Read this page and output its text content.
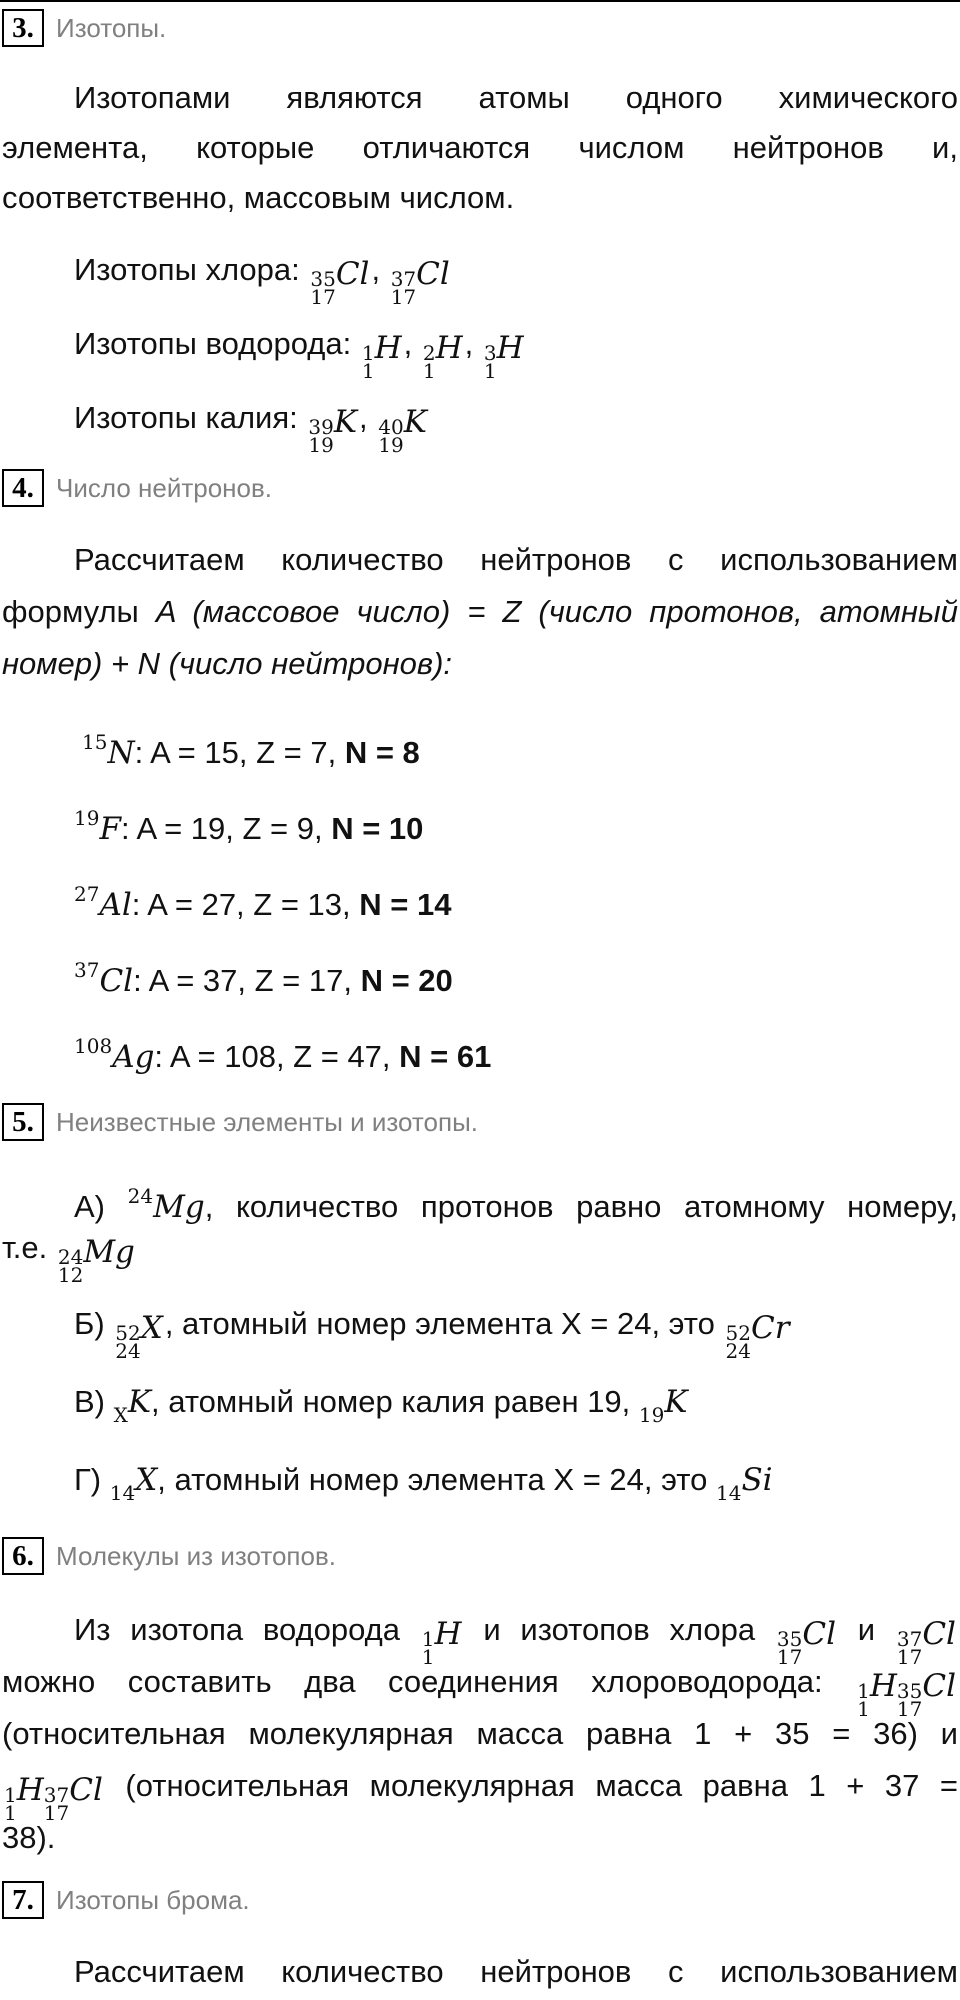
3. Изотопы.
Изотопами являются атомы одного химического
элемента, которые отличаются числом нейтронов и,
соответственно, массовым числом.
Изотопы хлора: 35
17
Cl, 37
17
Cl
Изотопы водорода: 1
1
H, 2
1
H, 3
1
H
Изотопы калия: 39
19
K, 40
19
K
4. Число нейтронов.
Рассчитаем количество нейтронов с использованием
формулы A (массовое число) = Z (число протонов, атомный
номер) + N (число нейтронов):
$^{15}$N: A = 15, Z = 7, N = 8
$^{19}$F: A = 19, Z = 9, N = 10
$^{27}$Al: A = 27, Z = 13, N = 14
$^{37}$Cl: A = 37, Z = 17, N = 20
$^{108}$Ag: A = 108, Z = 47, N = 61
5. Неизвестные элементы и изотопы.
А) $^{24}$Mg, количество протонов равно атомному номеру,
т.е. 24
12
Mg
Б) 52
24
X, атомный номер элемента X = 24, это 52
24
Cr
В) $_X$K, атомный номер калия равен 19, $_{19}$K
Г) $_{14}$X, атомный номер элемента X = 24, это $_{14}$Si
6. Молекулы из изотопов.
Из изотопа водорода 1
1
H и изотопов хлора 35
17
Cl и 37
17
Cl
можно составить два соединения хлороводорода: 1
1
H 35
17
Cl
(относительная молекулярная масса равна 1 + 35 = 36) и
1
1
H 37
17
Cl (относительная молекулярная масса равна 1 + 37 =
38).
7. Изотопы брома.
Рассчитаем количество нейтронов с использованием
